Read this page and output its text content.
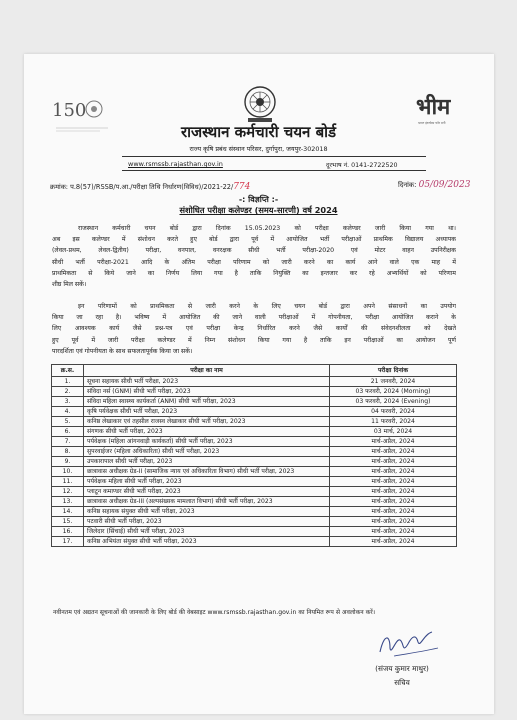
150	भीम
भारत इंटरफेस फॉर मनी
राजस्थान कर्मचारी चयन बोर्ड
राज्य कृषि प्रबंध संस्थान परिसर, दुर्गापुरा, जयपुर-302018
www.rsmssb.rajasthan.gov.in	दूरभाष नं. 0141-2722520
क्रमांक: प.8(57)/RSSB/प.आ./परीक्षा तिथि निर्धारण(विविध)/2021-22/774	दिनांक: 05/09/2023
-: विज्ञप्ति :-
संशोधित परीक्षा कलेण्डर (समय-सारणी) वर्ष 2024
राजस्थान कर्मचारी चयन बोर्ड द्वारा दिनांक 15.05.2023 को परीक्षा कलेण्डर जारी किया गया था।
अब इस कलेण्डर में संशोधन करते हुए बोर्ड द्वारा पूर्व में आयोजित भर्ती परीक्षाओं प्राथमिक विद्यालय अध्यापक
(लेवल-प्रथम, लेवल-द्वितीय) परीक्षा, वनपाल, वनरक्षक सीधी भर्ती परीक्षा-2020 एवं मोटर वाहन उपनिरीक्षक
सीधी भर्ती परीक्षा-2021 आदि के अंतिम परीक्षा परिणाम को जारी करने का कार्य आने वाले एक माह में
प्राथमिकता से किये जाने का निर्णय लिया गया है ताकि नियुक्ति का इन्तजार कर रहे अभ्यर्थियों को परिणाम
शीघ्र मिल सकें।
इन परिणामों को प्राथमिकता से जारी करने के लिए चयन बोर्ड द्वारा अपने संसाधनों का उपयोग
किया जा रहा है। भविष्य में आयोजित की जाने वाली परीक्षाओं में गोपनीयता, परीक्षा आयोजित कराने के
लिए आवश्यक कार्य जैसे प्रश्न-पत्र एवं परीक्षा केन्द्र निर्धारित करने जैसे कार्यों की संवेदनशीलता को देखते
हुए पूर्व में जारी परीक्षा कलेण्डर में निम्न संशोधन किया गया है ताकि इन परीक्षाओं का आयोजन पूर्ण
पारदर्शिता एवं गोपनीयता के साथ सफलतापूर्वक किया जा सकें।
क्र.स.	परीक्षा का नाम	परीक्षा दिनांक
1.	सूचना सहायक सीधी भर्ती परीक्षा, 2023	21 जनवरी, 2024
2.	संविदा नर्स (GNM) सीधी भर्ती परीक्षा, 2023	03 फरवरी, 2024 (Morning)
3.	संविदा महिला स्वास्थ्य कार्यकर्ता (ANM) सीधी भर्ती परीक्षा, 2023	03 फरवरी, 2024 (Evening)
4.	कृषि पर्यवेक्षक सीधी भर्ती परीक्षा, 2023	04 फरवरी, 2024
5.	कनिष्ठ लेखाकार एवं तहसील राजस्व लेखाकार सीधी भर्ती परीक्षा, 2023	11 फरवरी, 2024
6.	संगणक सीधी भर्ती परीक्षा, 2023	03 मार्च, 2024
7.	पर्यवेक्षक (महिला आंगनवाड़ी कार्यकर्ता) सीधी भर्ती परीक्षा, 2023	मार्च-अप्रैल, 2024
8.	सुपरवाईजर (महिला अधिकारिता) सीधी भर्ती परीक्षा, 2023	मार्च-अप्रैल, 2024
9.	उपकारापाल सीधी भर्ती परीक्षा, 2023	मार्च-अप्रैल, 2024
10.	छात्रावास अधीक्षक ग्रेड-II (सामाजिक न्याय एवं अधिकारिता विभाग) सीधी भर्ती परीक्षा, 2023	मार्च-अप्रैल, 2024
11.	पर्यवेक्षक महिला सीधी भर्ती परीक्षा, 2023	मार्च-अप्रैल, 2024
12.	प्लाटून कमाण्डर सीधी भर्ती परीक्षा, 2023	मार्च-अप्रैल, 2024
13.	छात्रावास अधीक्षक ग्रेड-III (अल्पसंख्यक मामलात विभाग) सीधी भर्ती परीक्षा, 2023	मार्च-अप्रैल, 2024
14.	कनिष्ठ सहायक संयुक्त सीधी भर्ती परीक्षा, 2023	मार्च-अप्रैल, 2024
15.	पटवारी सीधी भर्ती परीक्षा, 2023	मार्च-अप्रैल, 2024
16.	जिलेदार (सिंचाई) सीधी भर्ती परीक्षा, 2023	मार्च-अप्रैल, 2024
17.	कनिष्ठ अभियंता संयुक्त सीधी भर्ती परीक्षा, 2023	मार्च-अप्रैल, 2024
नवीनतम एवं अद्यतन सूचनाओं की जानकारी के लिए बोर्ड की वेबसाइट www.rsmssb.rajasthan.gov.in का नियमित रूप से अवलोकन करें।
(संजय कुमार माथुर)
सचिव
